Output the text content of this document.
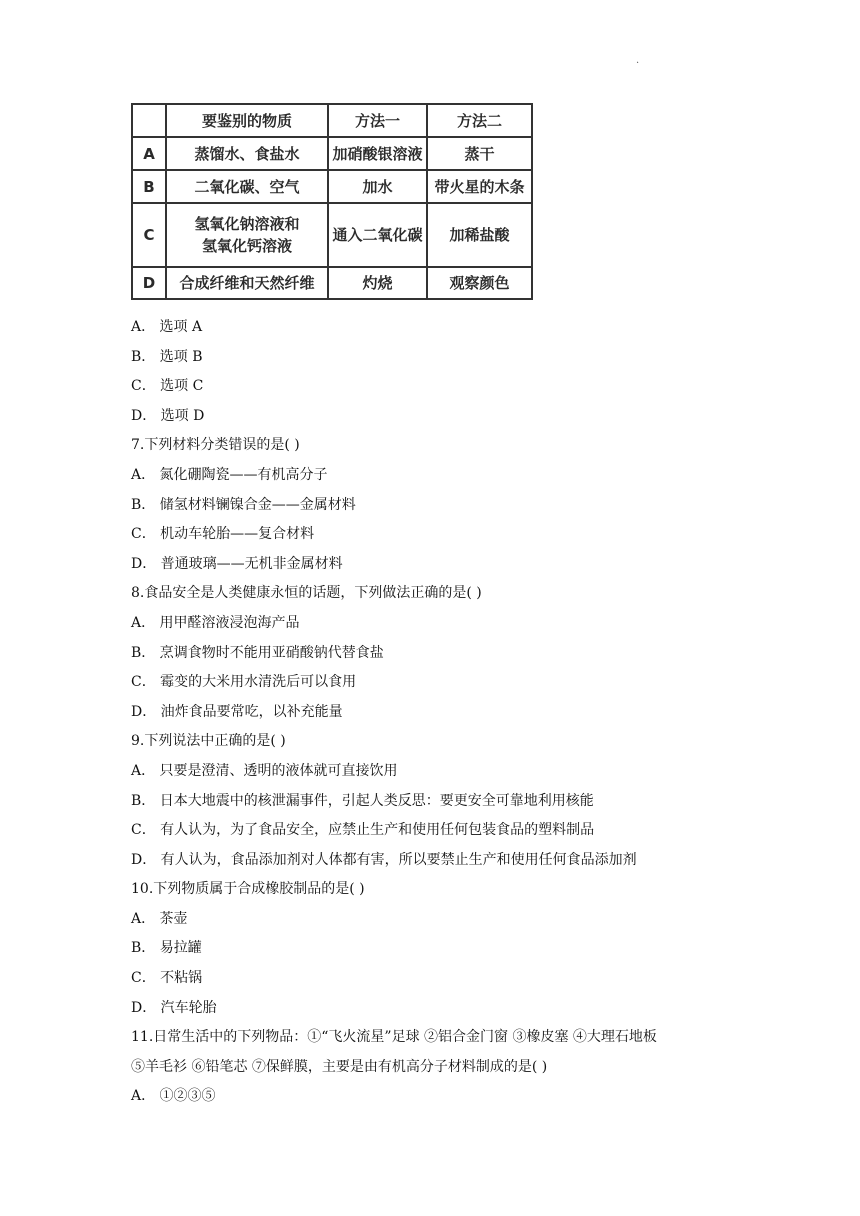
·
	要鉴别的物质	方法一	方法二
A	蒸馏水、食盐水	加硝酸银溶液	蒸干
B	二氧化碳、空气	加水	带火星的木条
C	氢氧化钠溶液和
氢氧化钙溶液	通入二氧化碳	加稀盐酸
D	合成纤维和天然纤维	灼烧	观察颜色
A． 选项 A
B． 选项 B
C． 选项 C
D． 选项 D
7.下列材料分类错误的是( )
A． 氮化硼陶瓷——有机高分子
B． 储氢材料镧镍合金——金属材料
C． 机动车轮胎——复合材料
D． 普通玻璃——无机非金属材料
8.食品安全是人类健康永恒的话题，下列做法正确的是( )
A． 用甲醛溶液浸泡海产品
B． 烹调食物时不能用亚硝酸钠代替食盐
C． 霉变的大米用水清洗后可以食用
D． 油炸食品要常吃，以补充能量
9.下列说法中正确的是( )
A． 只要是澄清、透明的液体就可直接饮用
B． 日本大地震中的核泄漏事件，引起人类反思：要更安全可靠地利用核能
C． 有人认为，为了食品安全，应禁止生产和使用任何包装食品的塑料制品
D． 有人认为，食品添加剂对人体都有害，所以要禁止生产和使用任何食品添加剂
10.下列物质属于合成橡胶制品的是( )
A． 茶壶
B． 易拉罐
C． 不粘锅
D． 汽车轮胎
11.日常生活中的下列物品：①“飞火流星”足球 ②铝合金门窗 ③橡皮塞 ④大理石地板
⑤羊毛衫 ⑥铅笔芯 ⑦保鲜膜，主要是由有机高分子材料制成的是( )
A． ①②③⑤
